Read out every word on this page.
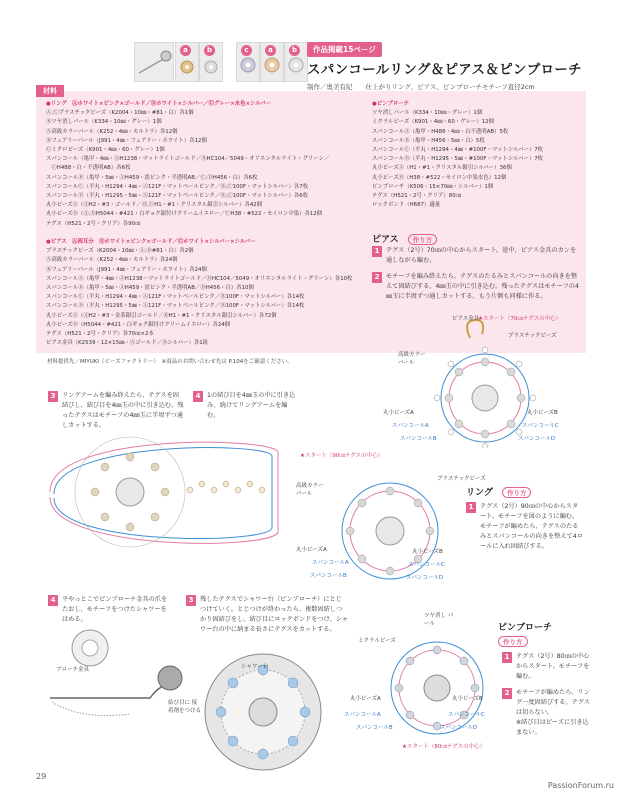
a	b	c	a	b	作品掲載15ページ
スパンコールリング＆ピアス＆ピンブローチ
制作／奥美有紀　　仕上がりリング、ピアス、ピンブローチモチーフ直径2cm
材料
●リング　Ⓐホワイト×ピンク×ゴールド／Ⓑホワイト×シルバー／Ⓒグレー×水色×シルバー
Ⓐ,Ⓒプラスチックビーズ（K2004・10㎜・#81・白）各1個
Ⓑツヤ消しパール（K334・10㎜・グレー）1個
Ⓐ高級カラーパール（K252・4㎜・カルトラ）各12個
Ⓑフェアリーパール（J991・4㎜・フェアリー・ホワイト）各12個
Ⓒミクロビーズ（K901・4㎜・60・グレー）1個
スパンコール（亀甲・4㎜・ⒶH1238・マットライトゴールド／ⒷHC104／5049・オリエンタルライト・グリーン／
　ⒸH488・白・不透明AB）各6枚
スパンコールⒷ（亀甲・5㎜・ⒶH459・淡ピンク・半透明AB／Ⓒ,ⒹH456・白）各6枚
スパンコールⒸ（平丸・H1294・4㎜・Ⓐ121F・マットペールピンク／Ⓑ,Ⓒ100F・マットシルバー）各7枚
スパンコールⒹ（平丸・H1295・5㎜・Ⓐ121F・マットペールピンク／Ⓑ,Ⓒ100F・マットシルバー）各6枚
丸小ビーズⒶ（ⒶH2・#3・ゴールド／Ⓑ,ⒸH1・#1・クリスタル銀引シルバー）各42個
丸小ビーズⒷ（Ⓐ,ⒷH5044・#421・白ギョク銀付けクリームイエロー／ⒸH38・#522・セイロン中染）各12個
テグス（H521・2号・クリア）各90㎝
●ピアス　Ⓐ両耳分　Ⓑホワイト×ピンク×ゴールド／Ⓒホワイト×シルバー×シルバー
プラスチックビーズ（K2004・10㎜・Ⓐ,Ⓑ#81・白）各2個
Ⓐ高級カラーパール（K252・4㎜・カルトラ）各24個
Ⓑフェアリーパール（J991・4㎜・フェアリー・ホワイト）各24個
スパンコールⒶ（亀甲・4㎜・ⒶH1238・マットライトゴールド／ⒷHC104／5049・オリエンタルライト・グリーン）各10枚
スパンコールⒷ（亀甲・5㎜・ⒶH459・淡ピンク・半透明AB／ⒷH456・白）各10個
スパンコールⒸ（平丸・H1294・4㎜・Ⓐ121F・マットペールピンク／Ⓑ100F・マットシルバー）各14枚
スパンコールⒹ（平丸・H1295・5㎜・Ⓐ121F・マットペールピンク／Ⓑ100F・マットシルバー）各14枚
丸小ビーズⒶ（ⒶH2・#3・金茶銀引ゴールド／ⒷH1・#1・クリスタル銀引シルバー）各72個
丸小ビーズⒷ（H5044・#421・白ギョク銀付けクリームイエロー）各24個
テグス（H521・2号・クリア）各70㎝×2本
ピアス金具（K2539・12×15㎜・Ⓐゴールド／Ⓑシルバー）各1組
●ピンブローチ
ツヤ消しパール（K334・10㎜・グレー）1個
ミクラルビーズ（K901・4㎜・60・グレー）12個
スパンコールⒶ（亀甲・H488・4㎜・白不透明AB）5枚
スパンコールⒷ（亀甲・H456・5㎜・白）5枚
スパンコールⒸ（平丸・H1294・4㎜・#100F・マットシルバー）7枚
スパンコールⒹ（平丸・H1295・5㎜・#100F・マットシルバー）7枚
丸小ビーズⒶ（H1・#1・クリスタル銀引シルバー）36個
丸小ビーズⒷ（H38・#522・セイロン中染水色）12個
ピンブローチ（K506・15×70㎜・シルバー）1個
テグス（H521・2号・クリア）80㎝
ロックボンド（H687）適量
材料提供先／MIYUKI（ビーズファクトリー）　※商品のお問い合わせ先は P.104をご確認ください。
ピアス 作り方
1 テグス（2号）70㎝の中心からスタート。途中、ピアス金具のカンを通しながら編む。
2 モチーフを編み終えたら、テグスのたるみとスパンコールの向きを整えて固結びする。4㎜玉の中に引き込む。残ったテグスはモチーフの4㎜玉に半周ずつ通しカットする。もう片側も同様に作る。
ピアス金具
★スタート（70㎝テグスの中心）
プラスチックビーズ
高級カラーパール
丸小ビーズA
スパンコールA
スパンコールB
丸小ビーズB
スパンコールC
スパンコールD
3 リングアームを編み終えたら、テグスを固結びし、結び目を4㎜玉の中に引き込む。残ったテグスはモチーフの4㎜玉に半周ずつ通しカットする。
4 1の結び目を4㎜玉の中に引き込み、続けてリングアームを編む。
★スタート（90㎝テグスの中心）
プラスチックビーズ
高級カラーパール
丸小ビーズA
スパンコールA
スパンコールB
スパンコールC
スパンコールD
丸小ビーズB
リング 作り方
1 テグス（2号）90㎝の中心からスタート。モチーフを図のように編む。モチーフが編めたら、テグスのたるみとスパンコールの向きを整えて4ロールに入れ固結びする。
4 平やっとこでピンブローチ金具の爪をたおし、モチーフをつけたシャワーをはめる。
3 残したテグスでシャワー台（ピンブローチ）にとじつけていく。とじつけが終わったら、複数固結しつかり固結びをし、結び目にロックボンドをつけ、シャワー台の中に納まる長さにテグスをカットする。
ブローチ金具	シャワー台
結び目に 接着剤をつける
ツヤ消し パール
ミクラルビーズ
丸小ビーズA	丸小ビーズB
スパンコールA
スパンコールB
スパンコールC
スパンコールD
★スタート（80㎝テグスの中心）
ピンブローチ
作り方
1 テグス（2号）80㎝の中心からスタート。モチーフを編む。
2 モチーフが編めたら、リング一度固結びする。テグスは切らない。
※結び目はビーズに引き込まない。
29
PassionForum.ru
